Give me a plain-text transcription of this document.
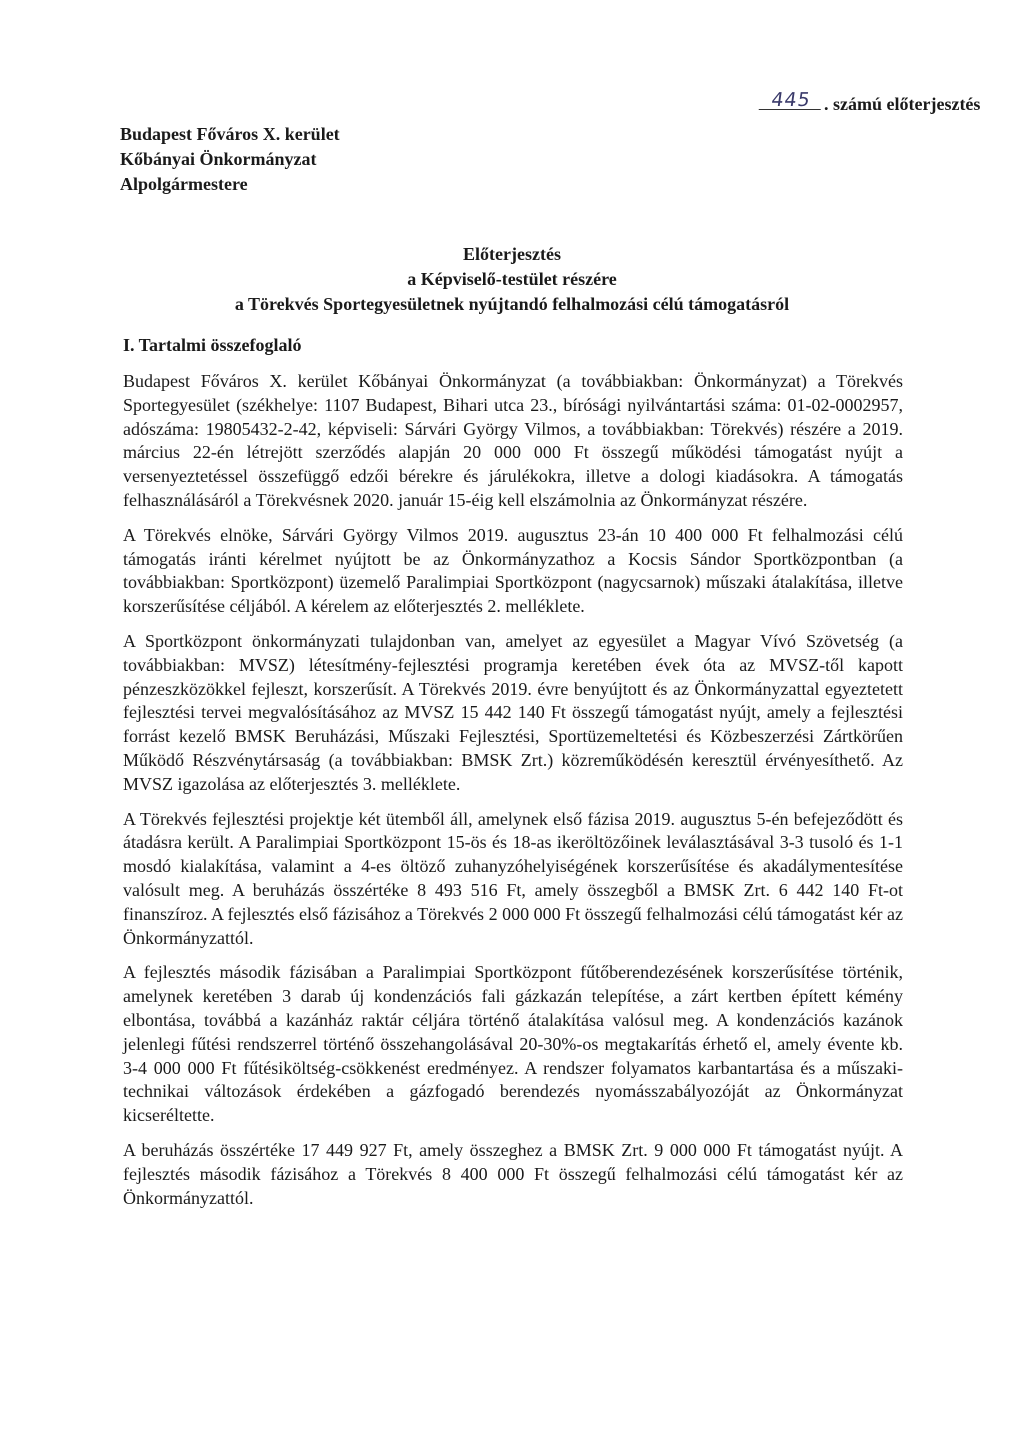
Budapest Főváros X. kerület
Kőbányai Önkormányzat
Alpolgármestere
445 . számú előterjesztés
Előterjesztés
a Képviselő-testület részére
a Törekvés Sportegyesületnek nyújtandó felhalmozási célú támogatásról
I. Tartalmi összefoglaló

Budapest Főváros X. kerület Kőbányai Önkormányzat (a továbbiakban: Önkormányzat) a Törekvés Sportegyesület (székhelye: 1107 Budapest, Bihari utca 23., bírósági nyilvántartási száma: 01-02-0002957, adószáma: 19805432-2-42, képviseli: Sárvári György Vilmos, a továbbiakban: Törekvés) részére a 2019. március 22-én létrejött szerződés alapján 20 000 000 Ft összegű működési támogatást nyújt a versenyeztetéssel összefüggő edzői bérekre és járulékokra, illetve a dologi kiadásokra. A támogatás felhasználásáról a Törekvésnek 2020. január 15-éig kell elszámolnia az Önkormányzat részére.

A Törekvés elnöke, Sárvári György Vilmos 2019. augusztus 23-án 10 400 000 Ft felhalmozási célú támogatás iránti kérelmet nyújtott be az Önkormányzathoz a Kocsis Sándor Sportközpontban (a továbbiakban: Sportközpont) üzemelő Paralimpiai Sportközpont (nagycsarnok) műszaki átalakítása, illetve korszerűsítése céljából. A kérelem az előterjesztés 2. melléklete.

A Sportközpont önkormányzati tulajdonban van, amelyet az egyesület a Magyar Vívó Szövetség (a továbbiakban: MVSZ) létesítmény-fejlesztési programja keretében évek óta az MVSZ-től kapott pénzeszközökkel fejleszt, korszerűsít. A Törekvés 2019. évre benyújtott és az Önkormányzattal egyeztetett fejlesztési tervei megvalósításához az MVSZ 15 442 140 Ft összegű támogatást nyújt, amely a fejlesztési forrást kezelő BMSK Beruházási, Műszaki Fejlesztési, Sportüzemeltetési és Közbeszerzési Zártkörűen Működő Részvénytársaság (a továbbiakban: BMSK Zrt.) közreműködésén keresztül érvényesíthető. Az MVSZ igazolása az előterjesztés 3. melléklete.

A Törekvés fejlesztési projektje két ütemből áll, amelynek első fázisa 2019. augusztus 5-én befejeződött és átadásra került. A Paralimpiai Sportközpont 15-ös és 18-as ikeröltözőinek leválasztásával 3-3 tusoló és 1-1 mosdó kialakítása, valamint a 4-es öltöző zuhanyzóhelyiségének korszerűsítése és akadálymentesítése valósult meg. A beruházás összértéke 8 493 516 Ft, amely összegből a BMSK Zrt. 6 442 140 Ft-ot finanszíroz. A fejlesztés első fázisához a Törekvés 2 000 000 Ft összegű felhalmozási célú támogatást kér az Önkormányzattól.

A fejlesztés második fázisában a Paralimpiai Sportközpont fűtőberendezésének korszerűsítése történik, amelynek keretében 3 darab új kondenzációs fali gázkazán telepítése, a zárt kertben épített kémény elbontása, továbbá a kazánház raktár céljára történő átalakítása valósul meg. A kondenzációs kazánok jelenlegi fűtési rendszerrel történő összehangolásával 20-30%-os megtakarítás érhető el, amely évente kb. 3-4 000 000 Ft fűtésiköltség-csökkenést eredményez. A rendszer folyamatos karbantartása és a műszaki-technikai változások érdekében a gázfogadó berendezés nyomásszabályozóját az Önkormányzat kicseréltette.

A beruházás összértéke 17 449 927 Ft, amely összeghez a BMSK Zrt. 9 000 000 Ft támogatást nyújt. A fejlesztés második fázisához a Törekvés 8 400 000 Ft összegű felhalmozási célú támogatást kér az Önkormányzattól.
